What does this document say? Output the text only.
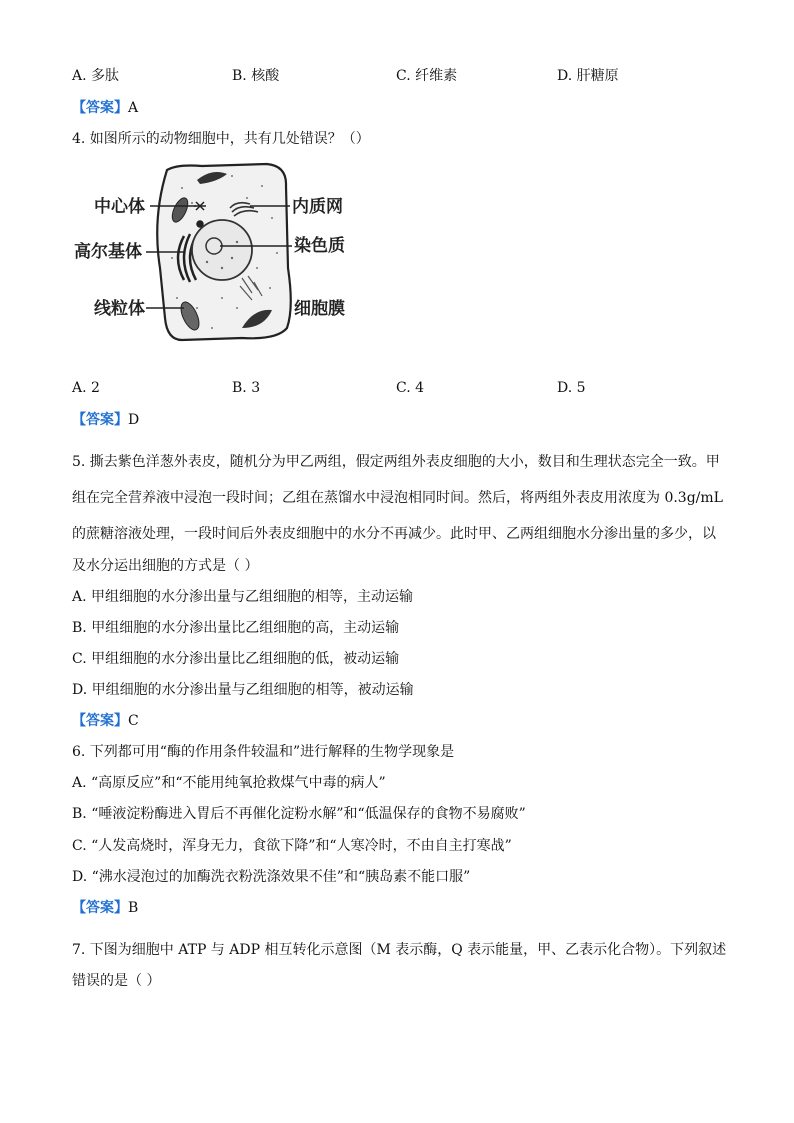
A. 多肽	B. 核酸	C. 纤维素	D. 肝糖原
【答案】A
4. 如图所示的动物细胞中，共有几处错误？（）
中心体
高尔基体
线粒体
内质网
染色质
细胞膜
A. 2	B. 3	C. 4	D. 5
【答案】D
5. 撕去紫色洋葱外表皮，随机分为甲乙两组，假定两组外表皮细胞的大小，数目和生理状态完全一致。甲
组在完全营养液中浸泡一段时间；乙组在蒸馏水中浸泡相同时间。然后，将两组外表皮用浓度为 0.3g/mL
的蔗糖溶液处理，一段时间后外表皮细胞中的水分不再减少。此时甲、乙两组细胞水分渗出量的多少，以
及水分运出细胞的方式是（ ）
A. 甲组细胞的水分渗出量与乙组细胞的相等，主动运输
B. 甲组细胞的水分渗出量比乙组细胞的高，主动运输
C. 甲组细胞的水分渗出量比乙组细胞的低，被动运输
D. 甲组细胞的水分渗出量与乙组细胞的相等，被动运输
【答案】C
6. 下列都可用“酶的作用条件较温和”进行解释的生物学现象是
A. “高原反应”和“不能用纯氧抢救煤气中毒的病人”
B. “唾液淀粉酶进入胃后不再催化淀粉水解”和“低温保存的食物不易腐败”
C. “人发高烧时，浑身无力，食欲下降”和“人寒冷时，不由自主打寒战”
D. “沸水浸泡过的加酶洗衣粉洗涤效果不佳”和“胰岛素不能口服”
【答案】B
7. 下图为细胞中 ATP 与 ADP 相互转化示意图（M 表示酶，Q 表示能量，甲、乙表示化合物）。下列叙述
错误的是（ ）
